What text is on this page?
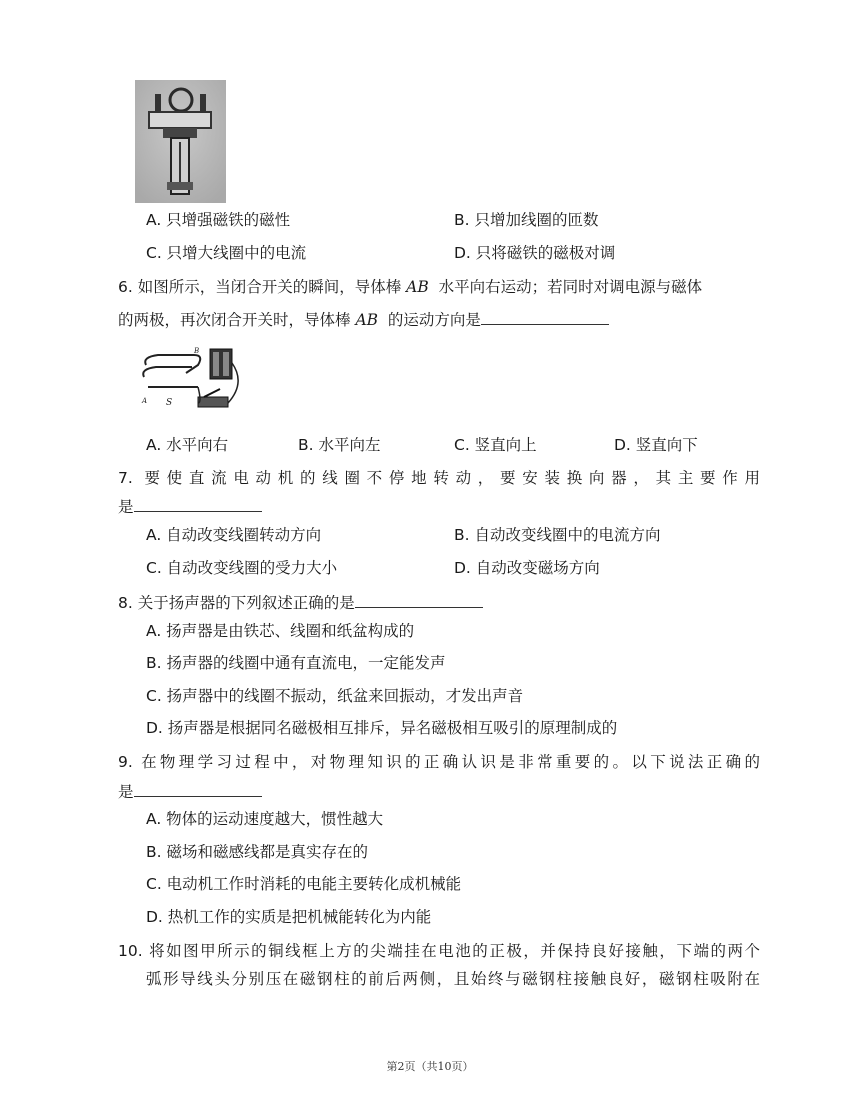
A. 只增强磁铁的磁性	B. 只增加线圈的匝数
C. 只增大线圈中的电流	D. 只将磁铁的磁极对调
6. 如图所示，当闭合开关的瞬间，导体棒 AB 水平向右运动；若同时对调电源与磁体
的两极，再次闭合开关时，导体棒 AB 的运动方向是
S
A
B
A. 水平向右	B. 水平向左	C. 竖直向上	D. 竖直向下
7. 要使直流电动机的线圈不停地转动，要安装换向器，其主要作用
是
A. 自动改变线圈转动方向	B. 自动改变线圈中的电流方向
C. 自动改变线圈的受力大小	D. 自动改变磁场方向
8. 关于扬声器的下列叙述正确的是
A. 扬声器是由铁芯、线圈和纸盆构成的
B. 扬声器的线圈中通有直流电，一定能发声
C. 扬声器中的线圈不振动，纸盆来回振动，才发出声音
D. 扬声器是根据同名磁极相互排斥，异名磁极相互吸引的原理制成的
9. 在物理学习过程中，对物理知识的正确认识是非常重要的。以下说法正确的
是
A. 物体的运动速度越大，惯性越大
B. 磁场和磁感线都是真实存在的
C. 电动机工作时消耗的电能主要转化成机械能
D. 热机工作的实质是把机械能转化为内能
10. 将如图甲所示的铜线框上方的尖端挂在电池的正极，并保持良好接触，下端的两个
弧形导线头分别压在磁钢柱的前后两侧，且始终与磁钢柱接触良好，磁钢柱吸附在
第2页（共10页）
